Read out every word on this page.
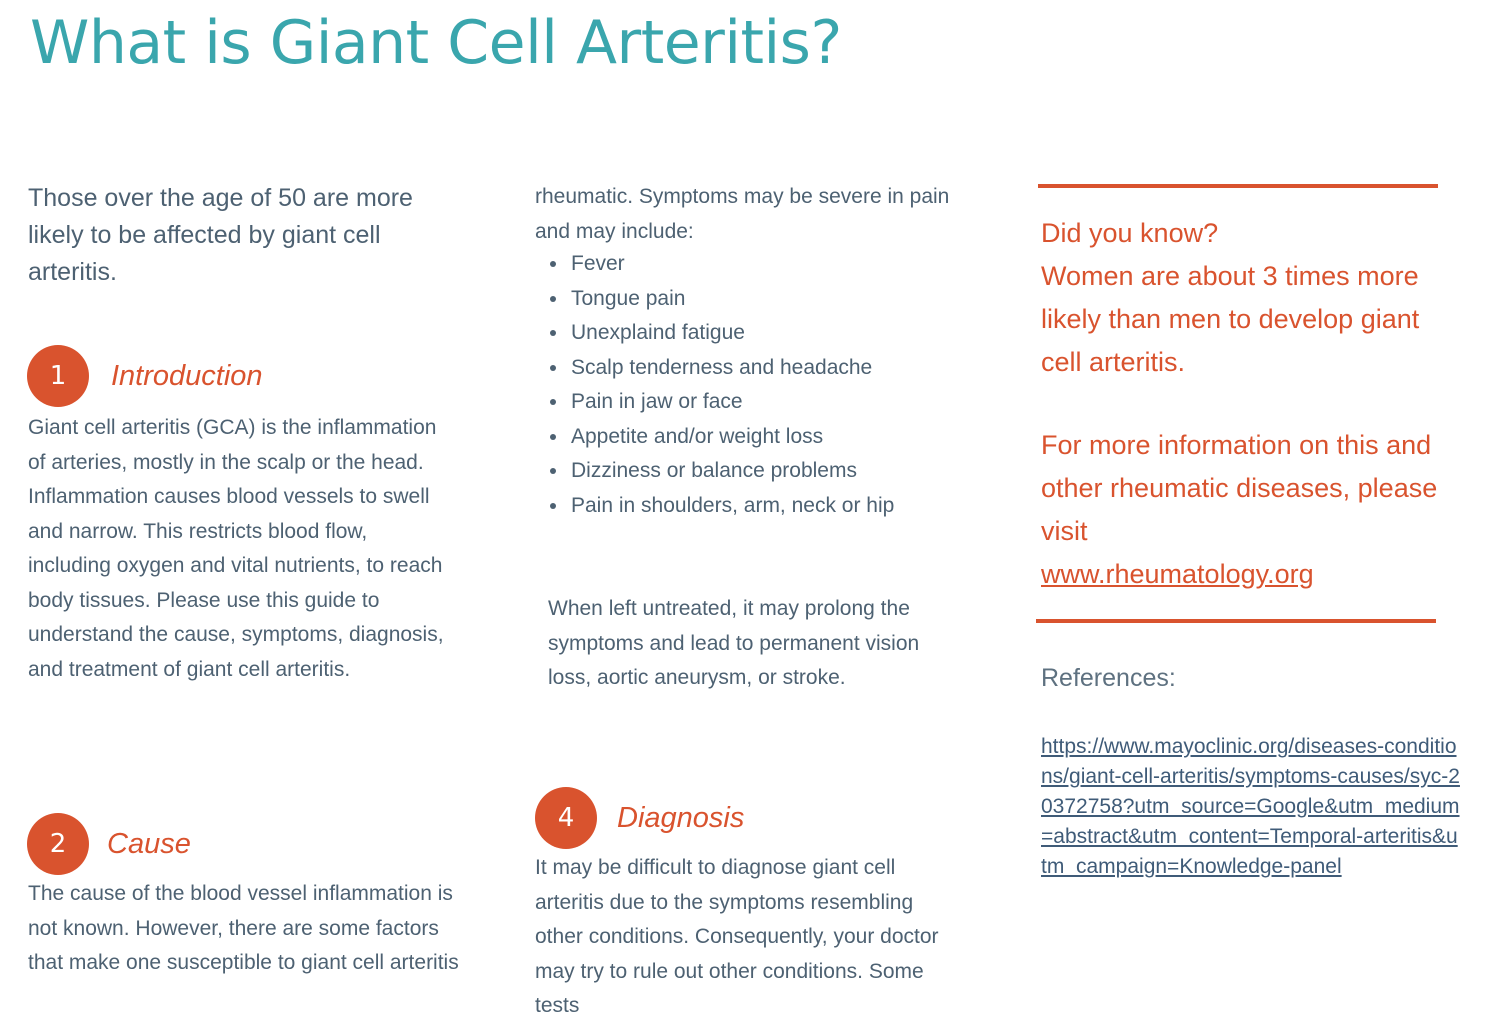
What is Giant Cell Arteritis?
Those over the age of 50 are more likely to be affected by giant cell arteritis.
1	Introduction
Giant cell arteritis (GCA) is the inflammation of arteries, mostly in the scalp or the head. Inflammation causes blood vessels to swell and narrow. This restricts blood flow, including oxygen and vital nutrients, to reach body tissues. Please use this guide to understand the cause, symptoms, diagnosis, and treatment of giant cell arteritis.
2	Cause
The cause of the blood vessel inflammation is not known. However, there are some factors that make one susceptible to giant cell arteritis
rheumatic. Symptoms may be severe in pain and may include:
Fever
Tongue pain
Unexplaind fatigue
Scalp tenderness and headache
Pain in jaw or face
Appetite and/or weight loss
Dizziness or balance problems
Pain in shoulders, arm, neck or hip
When left untreated, it may prolong the symptoms and lead to permanent vision loss, aortic aneurysm, or stroke.
4	Diagnosis
It may be difficult to diagnose giant cell arteritis due to the symptoms resembling other conditions. Consequently, your doctor may try to rule out other conditions. Some tests
Did you know?
Women are about 3 times more likely than men to develop giant cell arteritis.
For more information on this and other rheumatic diseases, please visit
www.rheumatology.org
References:
https://www.mayoclinic.org/diseases-conditions/giant-cell-arteritis/symptoms-causes/syc-20372758?utm_source=Google&utm_medium=abstract&utm_content=Temporal-arteritis&utm_campaign=Knowledge-panel
